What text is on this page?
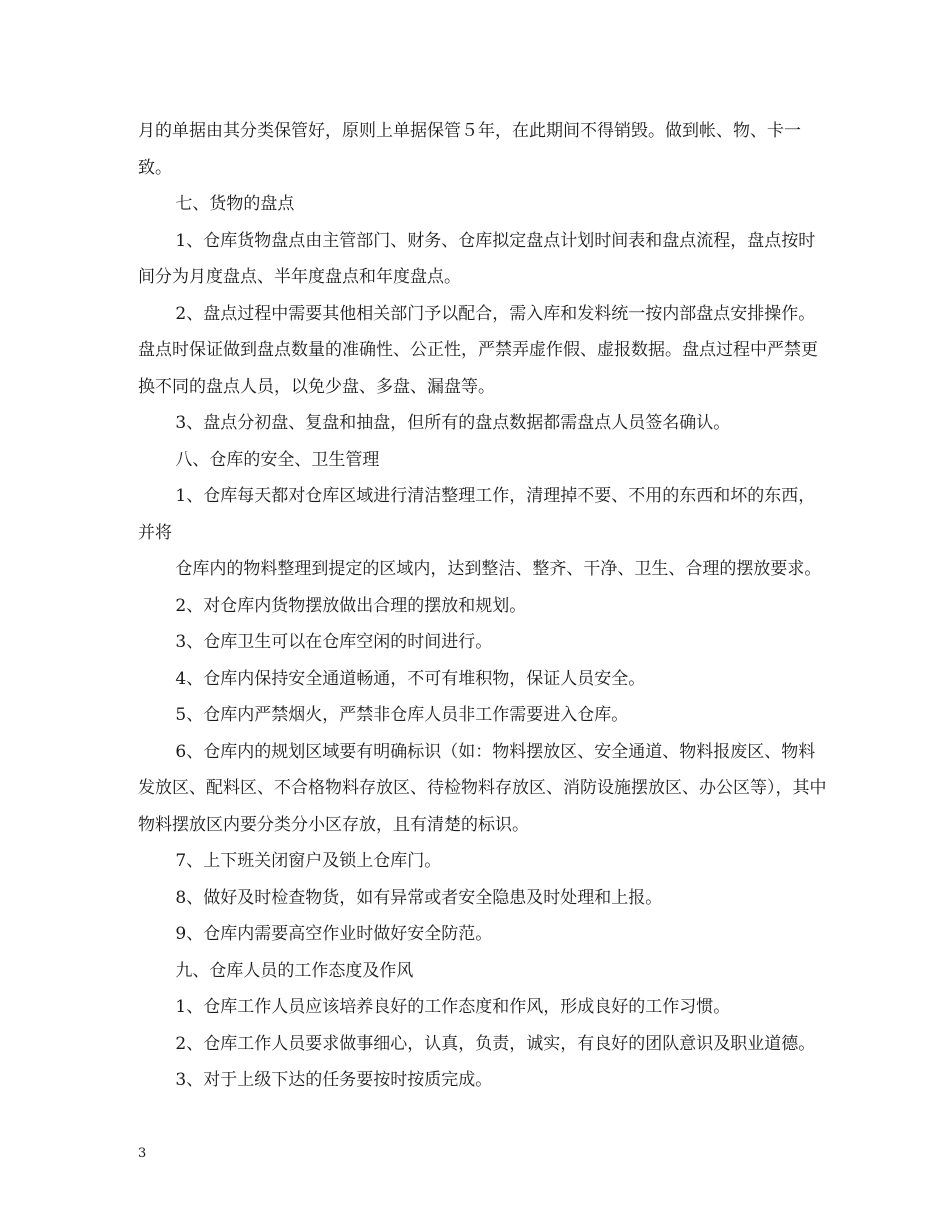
月的单据由其分类保管好，原则上单据保管５年，在此期间不得销毁。做到帐、物、卡一致。

七、货物的盘点

1、仓库货物盘点由主管部门、财务、仓库拟定盘点计划时间表和盘点流程，盘点按时间分为月度盘点、半年度盘点和年度盘点。

2、盘点过程中需要其他相关部门予以配合，需入库和发料统一按内部盘点安排操作。盘点时保证做到盘点数量的准确性、公正性，严禁弄虚作假、虚报数据。盘点过程中严禁更换不同的盘点人员，以免少盘、多盘、漏盘等。

3、盘点分初盘、复盘和抽盘，但所有的盘点数据都需盘点人员签名确认。

八、仓库的安全、卫生管理

1、仓库每天都对仓库区域进行清洁整理工作，清理掉不要、不用的东西和坏的东西，并将

仓库内的物料整理到提定的区域内，达到整洁、整齐、干净、卫生、合理的摆放要求。

2、对仓库内货物摆放做出合理的摆放和规划。

3、仓库卫生可以在仓库空闲的时间进行。

4、仓库内保持安全通道畅通，不可有堆积物，保证人员安全。

5、仓库内严禁烟火，严禁非仓库人员非工作需要进入仓库。

6、仓库内的规划区域要有明确标识（如：物料摆放区、安全通道、物料报废区、物料发放区、配料区、不合格物料存放区、待检物料存放区、消防设施摆放区、办公区等），其中物料摆放区内要分类分小区存放，且有清楚的标识。

7、上下班关闭窗户及锁上仓库门。

8、做好及时检查物货，如有异常或者安全隐患及时处理和上报。

9、仓库内需要高空作业时做好安全防范。

九、仓库人员的工作态度及作风

1、仓库工作人员应该培养良好的工作态度和作风，形成良好的工作习惯。

2、仓库工作人员要求做事细心，认真，负责，诚实，有良好的团队意识及职业道德。

3、对于上级下达的任务要按时按质完成。

3
